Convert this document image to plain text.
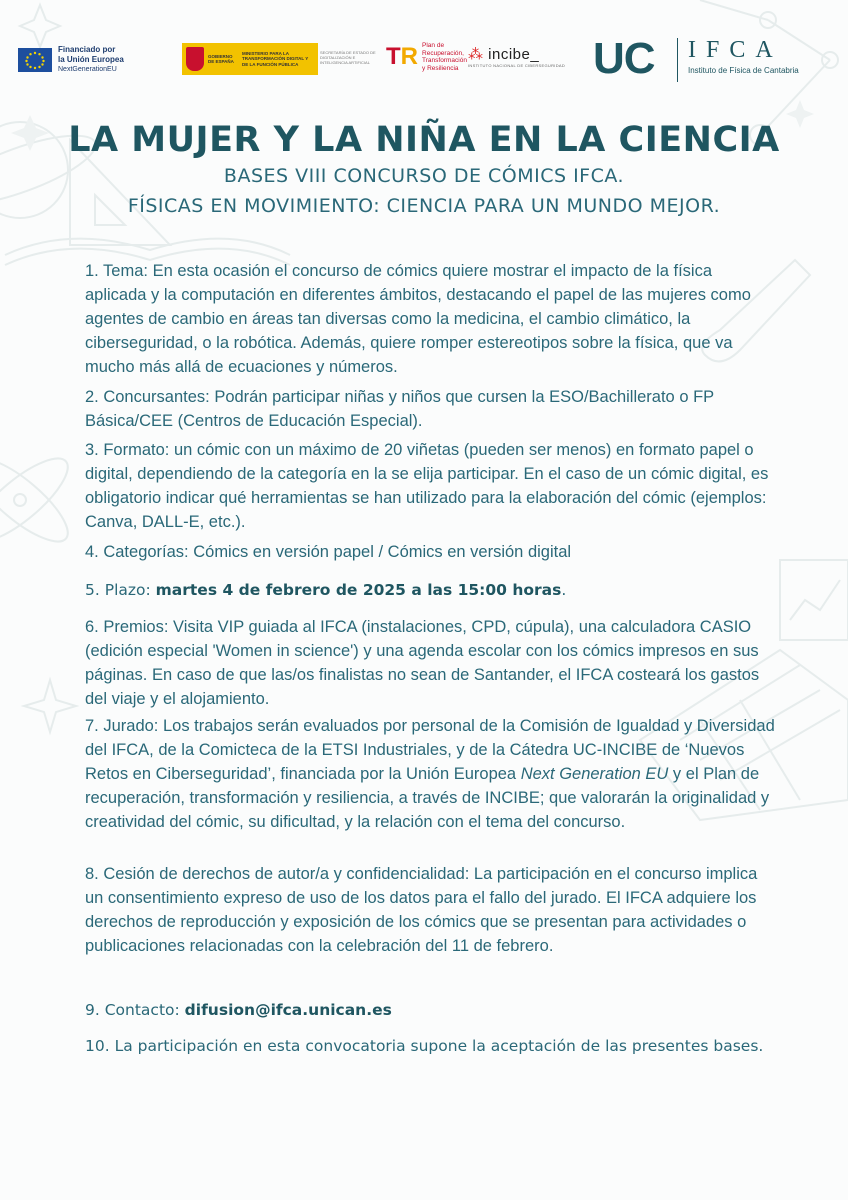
Financiado por
la Unión Europea
NextGenerationEU
GOBIERNO DE ESPAÑA
MINISTERIO PARA LA TRANSFORMACIÓN DIGITAL Y DE LA FUNCIÓN PÚBLICA
SECRETARÍA DE ESTADO DE DIGITALIZACIÓN E INTELIGENCIA ARTIFICIAL TR Plan de
Recuperación,
Transformación
y Resiliencia
⁂ incibe_
INSTITUTO NACIONAL DE CIBERSEGURIDAD UC IFCA
Instituto de Física de Cantabria
LA MUJER Y LA NIÑA EN LA CIENCIA
BASES VIII CONCURSO DE CÓMICS IFCA.
FÍSICAS EN MOVIMIENTO: CIENCIA PARA UN MUNDO MEJOR.
1. Tema: En esta ocasión el concurso de cómics quiere mostrar el impacto de la física aplicada y la computación en diferentes ámbitos, destacando el papel de las mujeres como agentes de cambio en áreas tan diversas como la medicina, el cambio climático, la ciberseguridad, o la robótica. Además, quiere romper estereotipos sobre la física, que va mucho más allá de ecuaciones y números.
2. Concursantes: Podrán participar niñas y niños que cursen la ESO/Bachillerato o FP Básica/CEE (Centros de Educación Especial).
3. Formato: un cómic con un máximo de 20 viñetas (pueden ser menos) en formato papel o digital, dependiendo de la categoría en la se elija participar. En el caso de un cómic digital, es obligatorio indicar qué herramientas se han utilizado para la elaboración del cómic (ejemplos: Canva, DALL-E, etc.).
4. Categorías: Cómics en versión papel / Cómics en versión digital
5. Plazo: martes 4 de febrero de 2025 a las 15:00 horas.
6. Premios: Visita VIP guiada al IFCA (instalaciones, CPD, cúpula), una calculadora CASIO (edición especial 'Women in science') y una agenda escolar con los cómics impresos en sus páginas. En caso de que las/os finalistas no sean de Santander, el IFCA costeará los gastos del viaje y el alojamiento.
7. Jurado: Los trabajos serán evaluados por personal de la Comisión de Igualdad y Diversidad del IFCA, de la Comicteca de la ETSI Industriales, y de la Cátedra UC-INCIBE de ‘Nuevos Retos en Ciberseguridad’, financiada por la Unión Europea Next Generation EU y el Plan de recuperación, transformación y resiliencia, a través de INCIBE; que valorarán la originalidad y creatividad del cómic, su dificultad, y la relación con el tema del concurso.
8. Cesión de derechos de autor/a y confidencialidad: La participación en el concurso implica un consentimiento expreso de uso de los datos para el fallo del jurado. El IFCA adquiere los derechos de reproducción y exposición de los cómics que se presentan para actividades o publicaciones relacionadas con la celebración del 11 de febrero.
9. Contacto: difusion@ifca.unican.es
10. La participación en esta convocatoria supone la aceptación de las presentes bases.
